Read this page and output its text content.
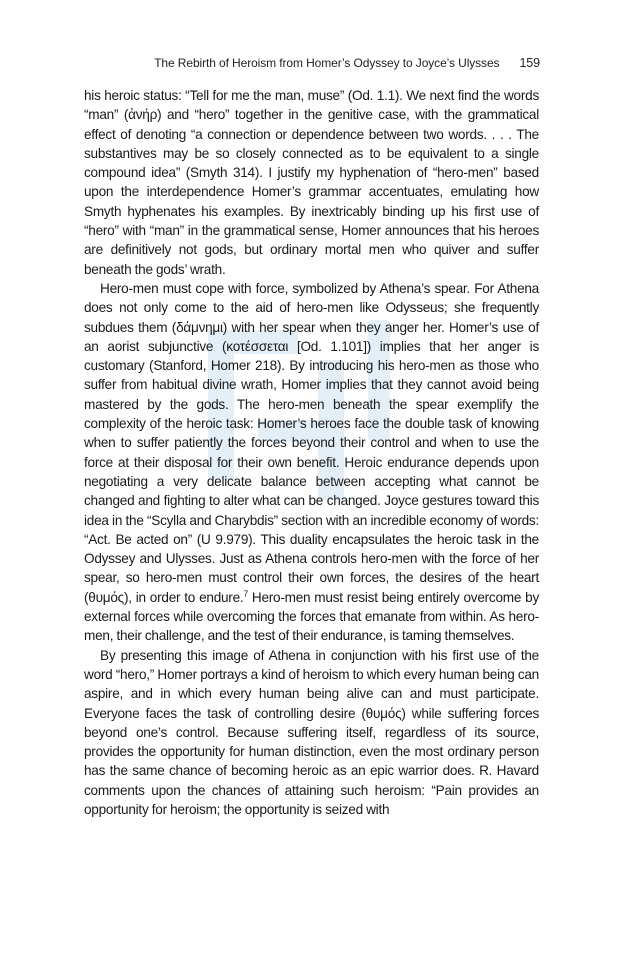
The Rebirth of Heroism from Homer’s Odyssey to Joyce’s Ulysses 159

his heroic status: “Tell for me the man, muse” (Od. 1.1). We next find the words “man” (ἀνήρ) and “hero” together in the genitive case, with the grammatical effect of denoting “a connection or dependence between two words. . . . The substantives may be so closely connected as to be equivalent to a single compound idea” (Smyth 314). I justify my hyphenation of “hero-men” based upon the interdependence Homer’s grammar accentuates, emulating how Smyth hyphenates his examples. By inextricably binding up his first use of “hero” with “man” in the grammatical sense, Homer announces that his heroes are definitively not gods, but ordinary mortal men who quiver and suffer beneath the gods’ wrath.

Hero-men must cope with force, symbolized by Athena’s spear. For Athena does not only come to the aid of hero-men like Odysseus; she frequently subdues them (δάμνημι) with her spear when they anger her. Homer’s use of an aorist subjunctive (κοτέσσεται [Od. 1.101]) implies that her anger is customary (Stanford, Homer 218). By introducing his hero-men as those who suffer from habitual divine wrath, Homer implies that they cannot avoid being mastered by the gods. The hero-men beneath the spear exemplify the complexity of the heroic task: Homer’s heroes face the double task of knowing when to suffer patiently the forces beyond their control and when to use the force at their disposal for their own benefit. Heroic endurance depends upon negotiating a very delicate balance between accepting what cannot be changed and fighting to alter what can be changed. Joyce gestures toward this idea in the “Scylla and Charybdis” section with an incredible economy of words: “Act. Be acted on” (U 9.979). This duality encapsulates the heroic task in the Odyssey and Ulysses. Just as Athena controls hero-men with the force of her spear, so hero-men must control their own forces, the desires of the heart (θυμός), in order to endure.$^7$ Hero-men must resist being entirely overcome by external forces while overcoming the forces that emanate from within. As hero-men, their challenge, and the test of their endurance, is taming themselves.

By presenting this image of Athena in conjunction with his first use of the word “hero,” Homer portrays a kind of heroism to which every human being can aspire, and in which every human being alive can and must participate. Everyone faces the task of controlling desire (θυμός) while suffering forces beyond one’s control. Because suffering itself, regardless of its source, provides the opportunity for human distinction, even the most ordinary person has the same chance of becoming heroic as an epic warrior does. R. Havard comments upon the chances of attaining such heroism: “Pain provides an opportunity for heroism; the opportunity is seized with
